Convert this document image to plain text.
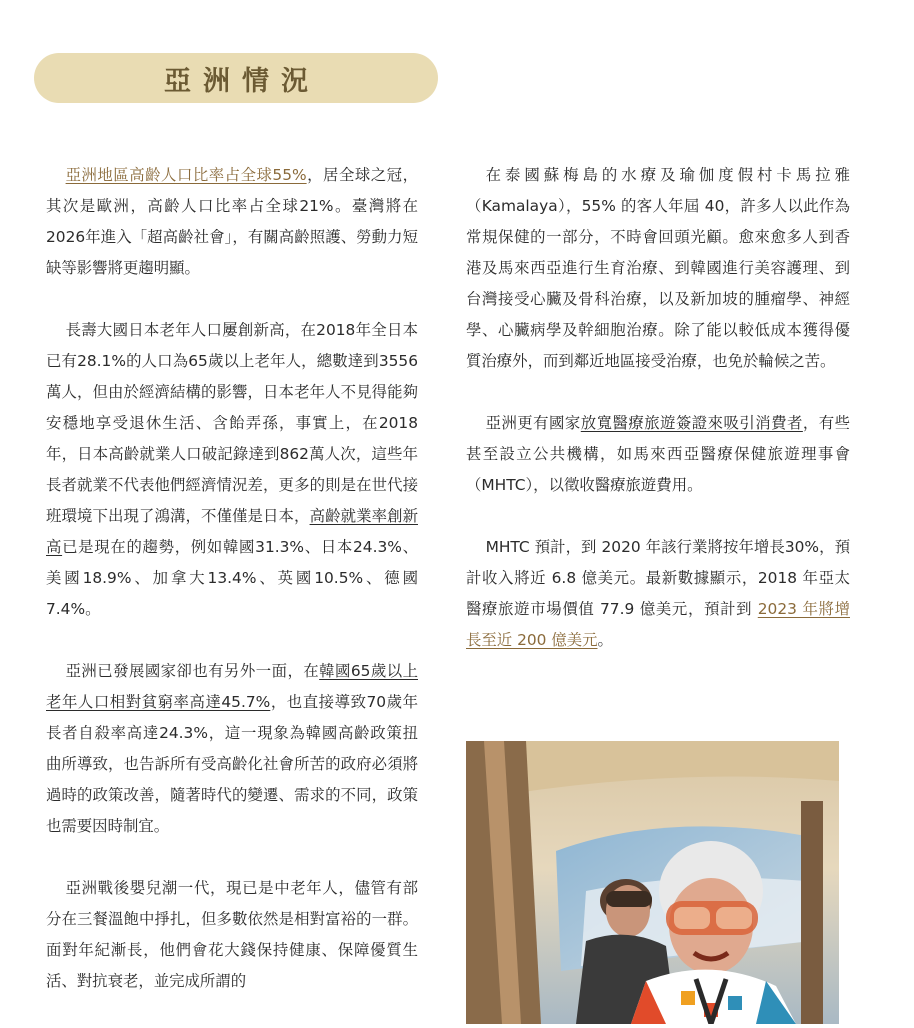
亞洲情況

亞洲地區高齡人口比率占全球55%，居全球之冠，其次是歐洲，高齡人口比率占全球21%。臺灣將在2026年進入「超高齡社會」，有關高齡照護、勞動力短缺等影響將更趨明顯。

長壽大國日本老年人口屢創新高，在2018年全日本已有28.1%的人口為65歲以上老年人，總數達到3556萬人，但由於經濟結構的影響，日本老年人不見得能夠安穩地享受退休生活、含飴弄孫，事實上，在2018年，日本高齡就業人口破記錄達到862萬人次，這些年長者就業不代表他們經濟情況差，更多的則是在世代接班環境下出現了鴻溝，不僅僅是日本，高齡就業率創新高已是現在的趨勢，例如韓國31.3%、日本24.3%、美國18.9%、加拿大13.4%、英國10.5%、德國7.4%。

亞洲已發展國家卻也有另外一面，在韓國65歲以上老年人口相對貧窮率高達45.7%，也直接導致70歲年長者自殺率高達24.3%，這一現象為韓國高齡政策扭曲所導致，也告訴所有受高齡化社會所苦的政府必須將過時的政策改善，隨著時代的變遷、需求的不同，政策也需要因時制宜。

亞洲戰後嬰兒潮一代，現已是中老年人，儘管有部分在三餐溫飽中掙扎，但多數依然是相對富裕的一群。面對年紀漸長，他們會花大錢保持健康、保障優質生活、對抗衰老，並完成所謂的

在泰國蘇梅島的水療及瑜伽度假村卡馬拉雅（Kamalaya），55% 的客人年屆 40，許多人以此作為常規保健的一部分，不時會回頭光顧。愈來愈多人到香港及馬來西亞進行生育治療、到韓國進行美容護理、到台灣接受心臟及骨科治療，以及新加坡的腫瘤學、神經學、心臟病學及幹細胞治療。除了能以較低成本獲得優質治療外，而到鄰近地區接受治療，也免於輪候之苦。

亞洲更有國家放寬醫療旅遊簽證來吸引消費者，有些甚至設立公共機構，如馬來西亞醫療保健旅遊理事會（MHTC），以徵收醫療旅遊費用。

MHTC 預計，到 2020 年該行業將按年增長30%，預計收入將近 6.8 億美元。最新數據顯示，2018 年亞太醫療旅遊市場價值 77.9 億美元，預計到 2023 年將增長至近 200 億美元。
